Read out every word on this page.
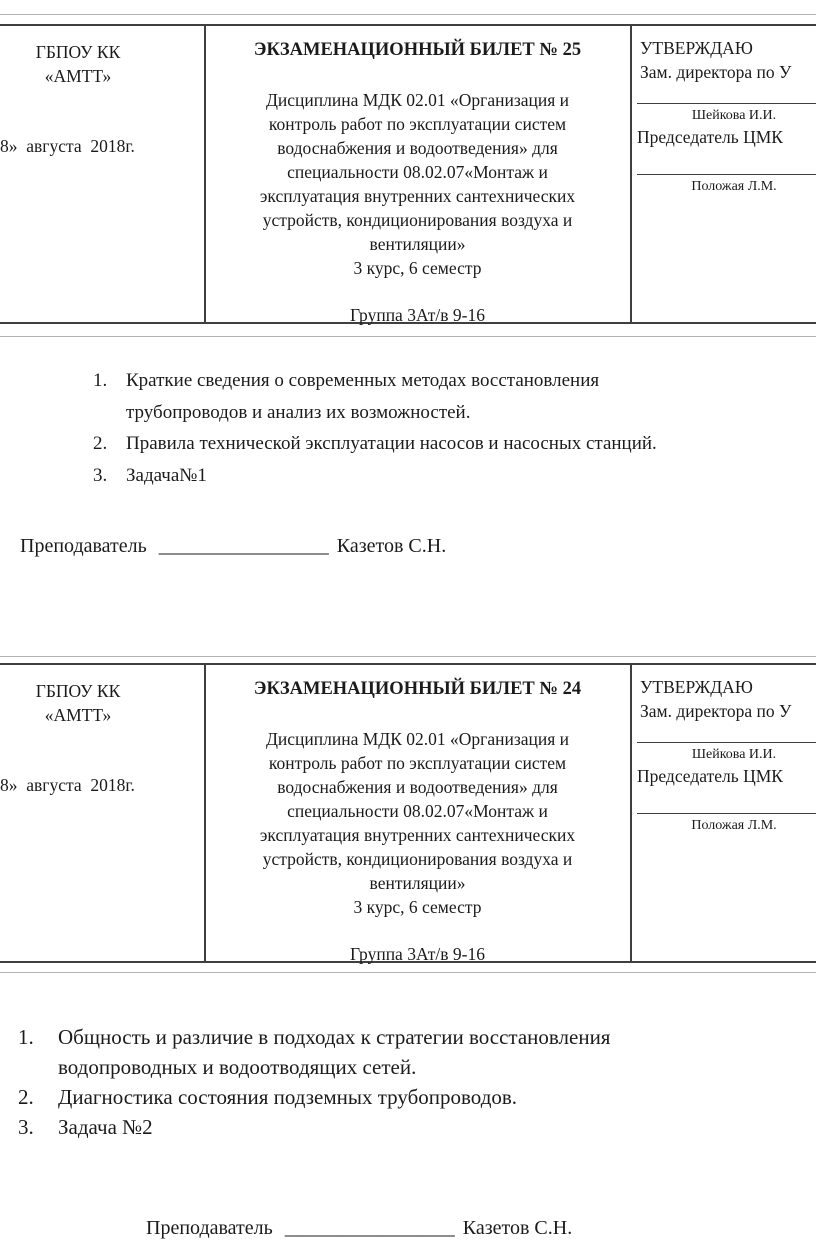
ГБПОУ КК
«АМТТ»
8»  августа  2018г.
ЭКЗАМЕНАЦИОННЫЙ БИЛЕТ № 25
Дисциплина МДК 02.01 «Организация и
контроль работ по эксплуатации систем
водоснабжения и водоотведения» для
специальности 08.02.07«Монтаж и
эксплуатация внутренних сантехнических
устройств, кондиционирования воздуха и
вентиляции»
3 курс, 6 семестр
Группа 3Ат/в 9-16
УТВЕРЖДАЮ
Зам. директора по У
Шейкова И.И.
Председатель ЦМК
Положая Л.М.
1. Краткие сведения о современных методах восстановления
трубопроводов и анализ их возможностей.
2. Правила технической эксплуатации насосов и насосных станций.
3. Задача№1

Преподаватель _________________ Казетов С.Н.

ГБПОУ КК
«АМТТ»
8»  августа  2018г.
ЭКЗАМЕНАЦИОННЫЙ БИЛЕТ № 24
Дисциплина МДК 02.01 «Организация и
контроль работ по эксплуатации систем
водоснабжения и водоотведения» для
специальности 08.02.07«Монтаж и
эксплуатация внутренних сантехнических
устройств, кондиционирования воздуха и
вентиляции»
3 курс, 6 семестр
Группа 3Ат/в 9-16
УТВЕРЖДАЮ
Зам. директора по У
Шейкова И.И.
Председатель ЦМК
Положая Л.М.
1.	Общность и различие в подходах к стратегии восстановления
водопроводных и водоотводящих сетей.
2.	Диагностика состояния подземных трубопроводов.
3.	Задача №2

Преподаватель _________________ Казетов С.Н.
